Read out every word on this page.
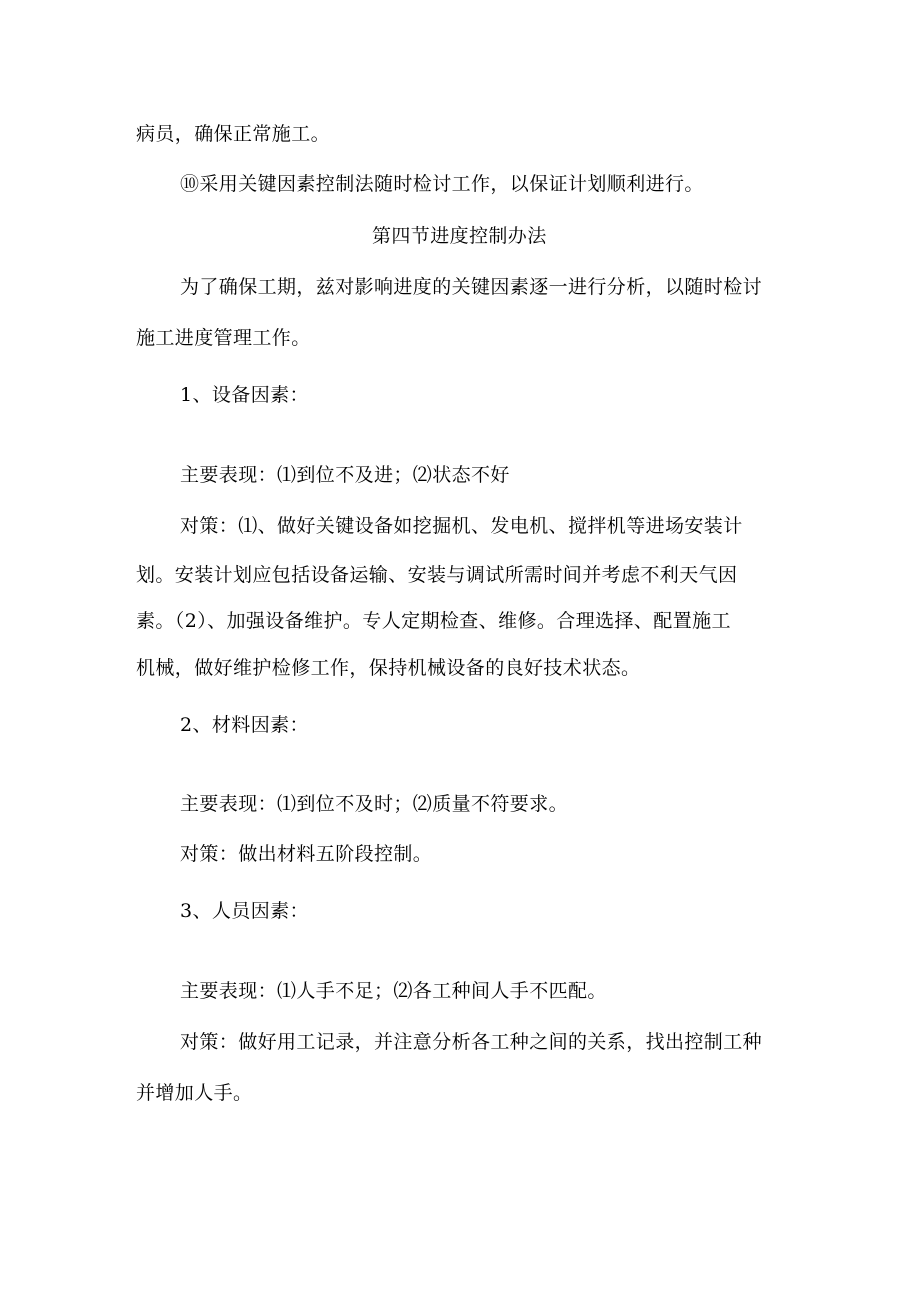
病员，确保正常施工。
⑩采用关键因素控制法随时检讨工作，以保证计划顺利进行。
第四节进度控制办法
为了确保工期，兹对影响进度的关键因素逐一进行分析，以随时检讨
施工进度管理工作。
1、设备因素：
主要表现：⑴到位不及进；⑵状态不好
对策：⑴、做好关键设备如挖掘机、发电机、搅拌机等进场安装计
划。安装计划应包括设备运输、安装与调试所需时间并考虑不利天气因
素。（2）、加强设备维护。专人定期检查、维修。合理选择、配置施工
机械，做好维护检修工作，保持机械设备的良好技术状态。
2、材料因素：
主要表现：⑴到位不及时；⑵质量不符要求。
对策：做出材料五阶段控制。
3、人员因素：
主要表现：⑴人手不足；⑵各工种间人手不匹配。
对策：做好用工记录，并注意分析各工种之间的关系，找出控制工种
并增加人手。
